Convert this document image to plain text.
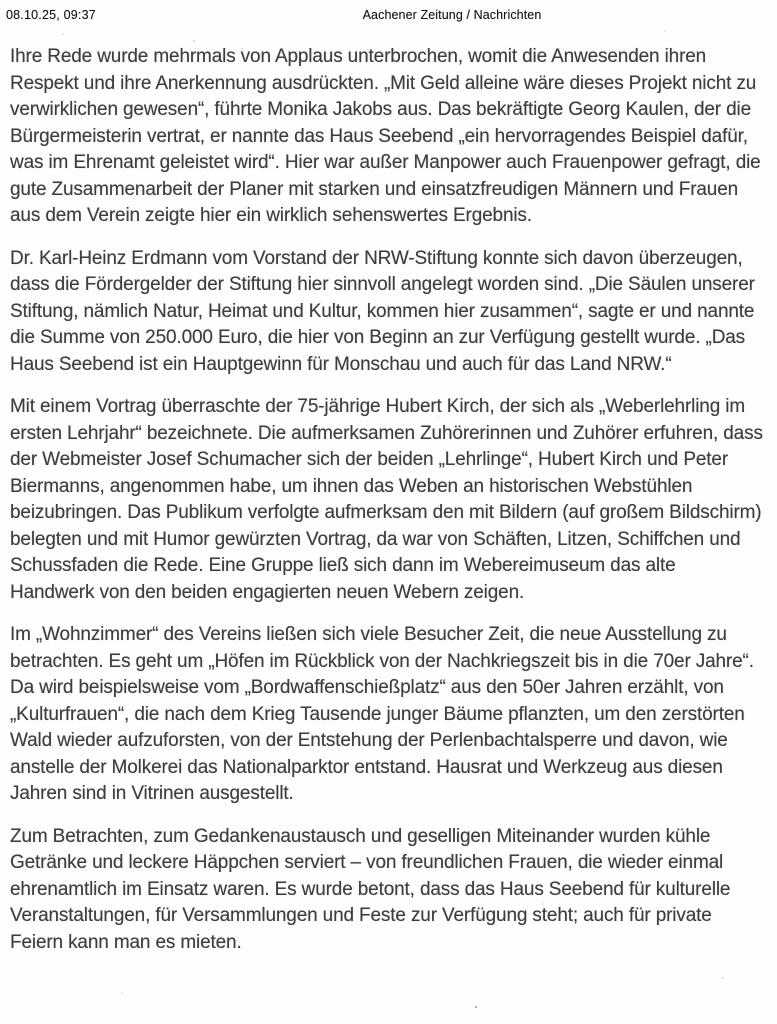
08.10.25, 09:37	Aachener Zeitung / Nachrichten

Ihre Rede wurde mehrmals von Applaus unterbrochen, womit die Anwesenden ihren Respekt und ihre Anerkennung ausdrückten. „Mit Geld alleine wäre dieses Projekt nicht zu verwirklichen gewesen“, führte Monika Jakobs aus. Das bekräftigte Georg Kaulen, der die Bürgermeisterin vertrat, er nannte das Haus Seebend „ein hervorragendes Beispiel dafür, was im Ehrenamt geleistet wird“. Hier war außer Manpower auch Frauenpower gefragt, die gute Zusammenarbeit der Planer mit starken und einsatzfreudigen Männern und Frauen aus dem Verein zeigte hier ein wirklich sehenswertes Ergebnis.

Dr. Karl-Heinz Erdmann vom Vorstand der NRW-Stiftung konnte sich davon überzeugen, dass die Fördergelder der Stiftung hier sinnvoll angelegt worden sind. „Die Säulen unserer Stiftung, nämlich Natur, Heimat und Kultur, kommen hier zusammen“, sagte er und nannte die Summe von 250.000 Euro, die hier von Beginn an zur Verfügung gestellt wurde. „Das Haus Seebend ist ein Hauptgewinn für Monschau und auch für das Land NRW.“

Mit einem Vortrag überraschte der 75-jährige Hubert Kirch, der sich als „Weberlehrling im ersten Lehrjahr“ bezeichnete. Die aufmerksamen Zuhörerinnen und Zuhörer erfuhren, dass der Webmeister Josef Schumacher sich der beiden „Lehrlinge“, Hubert Kirch und Peter Biermanns, angenommen habe, um ihnen das Weben an historischen Webstühlen beizubringen. Das Publikum verfolgte aufmerksam den mit Bildern (auf großem Bildschirm) belegten und mit Humor gewürzten Vortrag, da war von Schäften, Litzen, Schiffchen und Schussfaden die Rede. Eine Gruppe ließ sich dann im Webereimuseum das alte Handwerk von den beiden engagierten neuen Webern zeigen.

Im „Wohnzimmer“ des Vereins ließen sich viele Besucher Zeit, die neue Ausstellung zu betrachten. Es geht um „Höfen im Rückblick von der Nachkriegszeit bis in die 70er Jahre“. Da wird beispielsweise vom „Bordwaffenschießplatz“ aus den 50er Jahren erzählt, von „Kulturfrauen“, die nach dem Krieg Tausende junger Bäume pflanzten, um den zerstörten Wald wieder aufzuforsten, von der Entstehung der Perlenbachtalsperre und davon, wie anstelle der Molkerei das Nationalparktor entstand. Hausrat und Werkzeug aus diesen Jahren sind in Vitrinen ausgestellt.

Zum Betrachten, zum Gedankenaustausch und geselligen Miteinander wurden kühle Getränke und leckere Häppchen serviert – von freundlichen Frauen, die wieder einmal ehrenamtlich im Einsatz waren. Es wurde betont, dass das Haus Seebend für kulturelle Veranstaltungen, für Versammlungen und Feste zur Verfügung steht; auch für private Feiern kann man es mieten.
